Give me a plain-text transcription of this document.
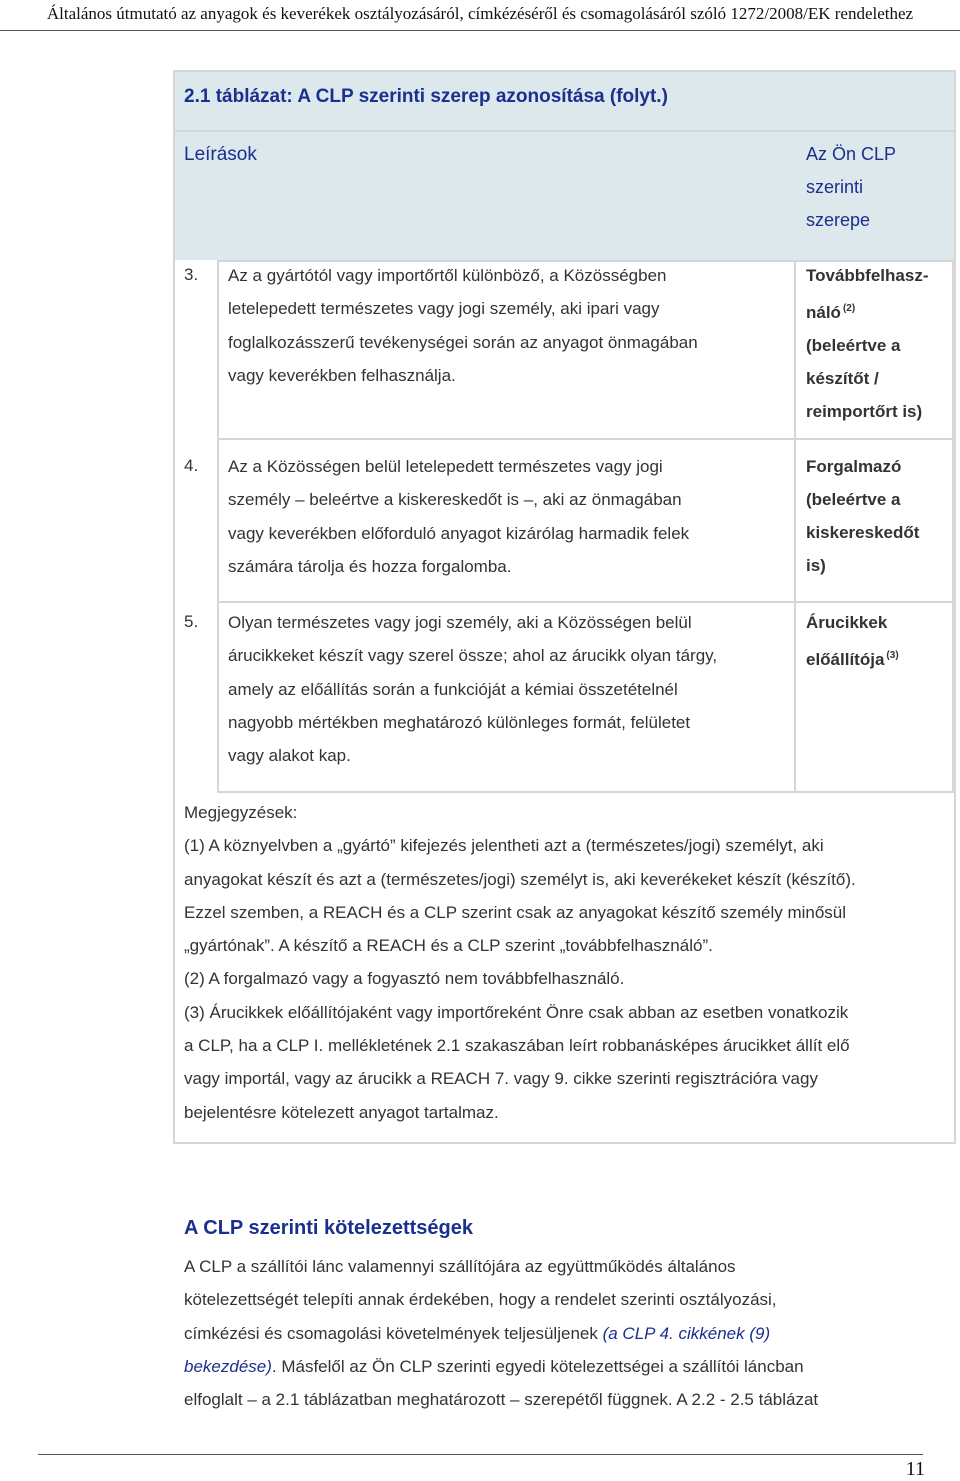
Általános útmutató az anyagok és keverékek osztályozásáról, címkézéséről és csomagolásáról szóló 1272/2008/EK rendelethez
2.1 táblázat: A CLP szerinti szerep azonosítása (folyt.)
Leírások	Az Ön CLP
szerinti
szerepe
3. Az a gyártótól vagy importőrtől különböző, a Közösségben
letelepedett természetes vagy jogi személy, aki ipari vagy
foglalkozásszerű tevékenységei során az anyagot önmagában
vagy keverékben felhasználja.
Továbbfelhasz-
náló $^{(2)}$
(beleértve a
készítőt /
reimportőrt is)
4. Az a Közösségen belül letelepedett természetes vagy jogi
személy – beleértve a kiskereskedőt is –, aki az önmagában
vagy keverékben előforduló anyagot kizárólag harmadik felek
számára tárolja és hozza forgalomba.
Forgalmazó
(beleértve a
kiskereskedőt
is)
5. Olyan természetes vagy jogi személy, aki a Közösségen belül
árucikkeket készít vagy szerel össze; ahol az árucikk olyan tárgy,
amely az előállítás során a funkcióját a kémiai összetételnél
nagyobb mértékben meghatározó különleges formát, felületet
vagy alakot kap.
Árucikkek
előállítója $^{(3)}$

Megjegyzések:

(1) A köznyelvben a „gyártó” kifejezés jelentheti azt a (természetes/jogi) személyt, aki

anyagokat készít és azt a (természetes/jogi) személyt is, aki keverékeket készít (készítő).

Ezzel szemben, a REACH és a CLP szerint csak az anyagokat készítő személy minősül

„gyártónak”. A készítő a REACH és a CLP szerint „továbbfelhasználó”.

(2) A forgalmazó vagy a fogyasztó nem továbbfelhasználó.

(3) Árucikkek előállítójaként vagy importőreként Önre csak abban az esetben vonatkozik

a CLP, ha a CLP I. mellékletének 2.1 szakaszában leírt robbanásképes árucikket állít elő

vagy importál, vagy az árucikk a REACH 7. vagy 9. cikke szerinti regisztrációra vagy

bejelentésre kötelezett anyagot tartalmaz.

A CLP szerinti kötelezettségek
A CLP a szállítói lánc valamennyi szállítójára az együttműködés általános
kötelezettségét telepíti annak érdekében, hogy a rendelet szerinti osztályozási,
címkézési és csomagolási követelmények teljesüljenek (a CLP 4. cikkének (9)
bekezdése). Másfelől az Ön CLP szerinti egyedi kötelezettségei a szállítói láncban
elfoglalt – a 2.1 táblázatban meghatározott – szerepétől függnek. A 2.2 - 2.5 táblázat
11
